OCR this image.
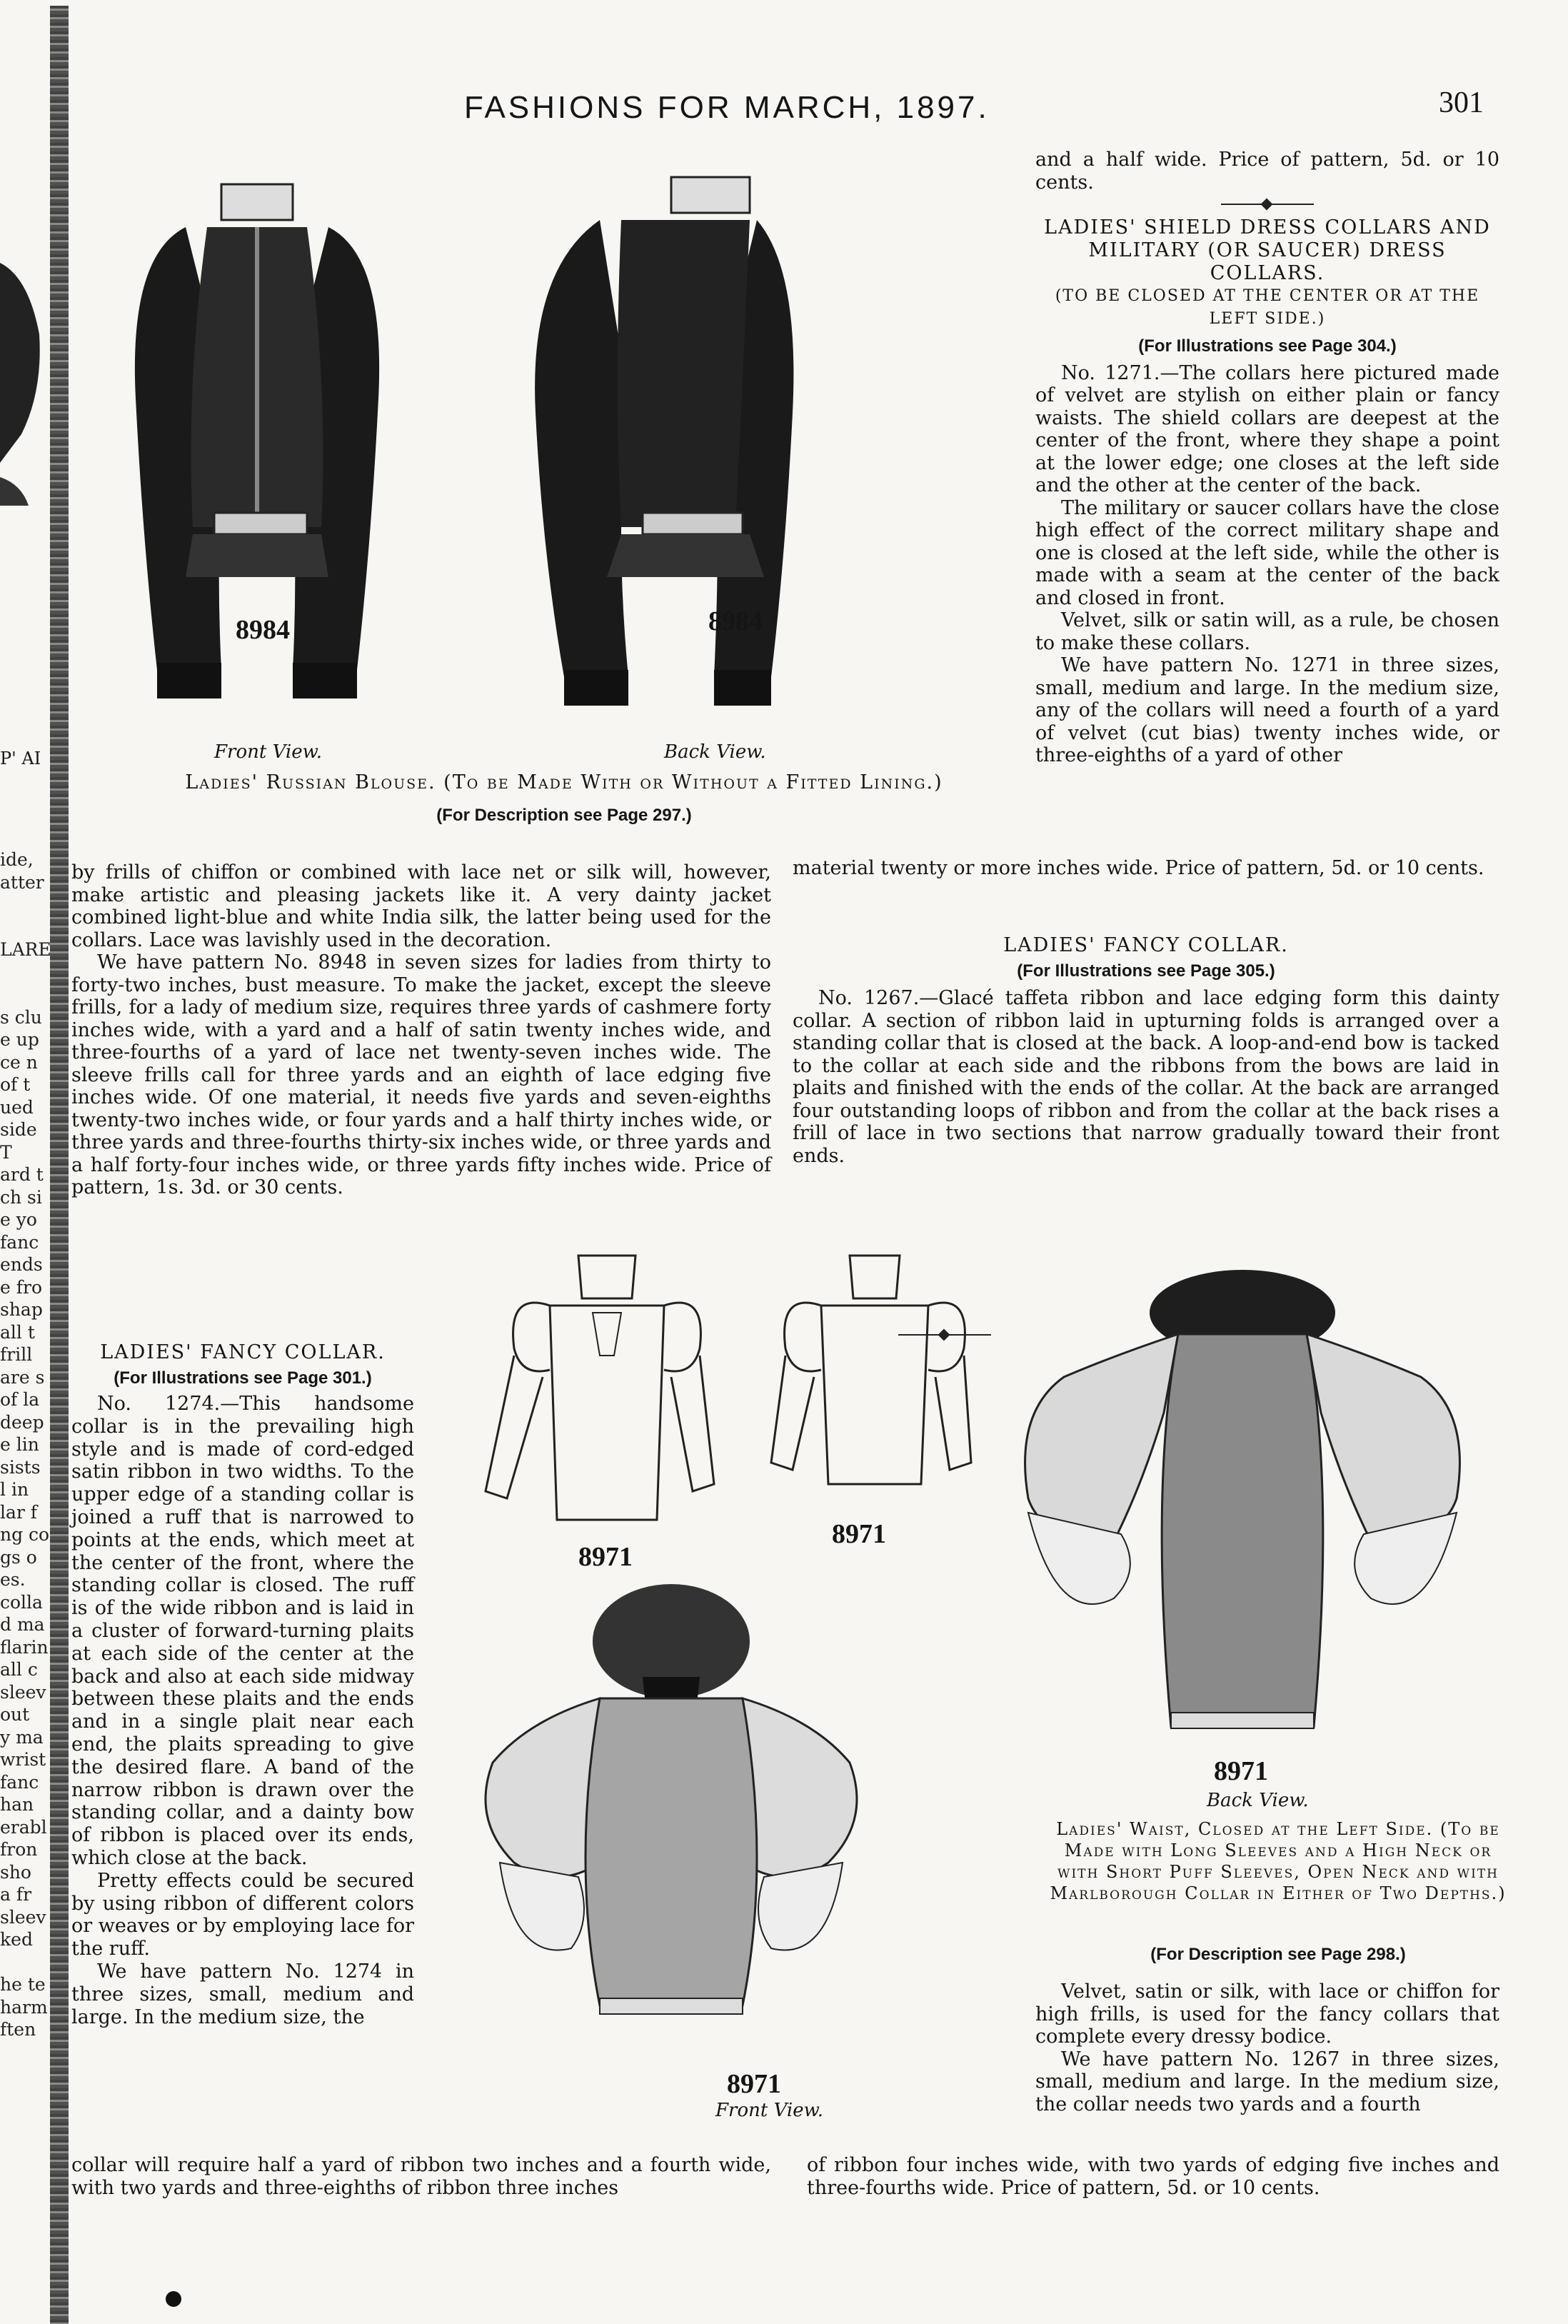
ide,
atter

LARE

s clu
e up
ce n
of t
ued
side
T
ard t
ch si
e yo
fanc
ends
e fro
shap
all t
frill
are s
of la
deep
e lin
sists
l in
lar f
ng co
gs o
es.
colla
d ma
flarin
all c
sleev
out
y ma
wrist
fanc
han
erabl
fron
sho
a fr
sleev
ked

he te
harm
ften
P' AI
FASHIONS FOR MARCH, 1897.	301
8984	8984
Front View.	Back View.
Ladies' Russian Blouse. (To be Made With or Without a Fitted Lining.)
(For Description see Page 297.)

and a half wide. Price of pattern, 5d. or 10 cents.

LADIES' SHIELD DRESS COLLARS AND MILITARY (OR SAUCER) DRESS COLLARS.
(TO BE CLOSED AT THE CENTER OR AT THE LEFT SIDE.)
(For Illustrations see Page 304.)

No. 1271.—The collars here pictured made of velvet are stylish on either plain or fancy waists. The shield collars are deepest at the center of the front, where they shape a point at the lower edge; one closes at the left side and the other at the center of the back.

The military or saucer collars have the close high effect of the correct military shape and one is closed at the left side, while the other is made with a seam at the center of the back and closed in front.

Velvet, silk or satin will, as a rule, be chosen to make these collars.

We have pattern No. 1271 in three sizes, small, medium and large. In the medium size, any of the collars will need a fourth of a yard of velvet (cut bias) twenty inches wide, or three-eighths of a yard of other

material twenty or more inches wide. Price of pattern, 5d. or 10 cents.

by frills of chiffon or combined with lace net or silk will, however, make artistic and pleasing jackets like it. A very dainty jacket combined light-blue and white India silk, the latter being used for the collars. Lace was lavishly used in the decoration.

We have pattern No. 8948 in seven sizes for ladies from thirty to forty-two inches, bust measure. To make the jacket, except the sleeve frills, for a lady of medium size, requires three yards of cashmere forty inches wide, with a yard and a half of satin twenty inches wide, and three-fourths of a yard of lace net twenty-seven inches wide. The sleeve frills call for three yards and an eighth of lace edging five inches wide. Of one material, it needs five yards and seven-eighths twenty-two inches wide, or four yards and a half thirty inches wide, or three yards and three-fourths thirty-six inches wide, or three yards and a half forty-four inches wide, or three yards fifty inches wide. Price of pattern, 1s. 3d. or 30 cents.

LADIES' FANCY COLLAR.
(For Illustrations see Page 305.)

No. 1267.—Glacé taffeta ribbon and lace edging form this dainty collar. A section of ribbon laid in upturning folds is arranged over a standing collar that is closed at the back. A loop-and-end bow is tacked to the collar at each side and the ribbons from the bows are laid in plaits and finished with the ends of the collar. At the back are arranged four outstanding loops of ribbon and from the collar at the back rises a frill of lace in two sections that narrow gradually toward their front ends.

LADIES' FANCY COLLAR.
(For Illustrations see Page 301.)

No. 1274.—This handsome collar is in the prevailing high style and is made of cord-edged satin ribbon in two widths. To the upper edge of a standing collar is joined a ruff that is narrowed to points at the ends, which meet at the center of the front, where the standing collar is closed. The ruff is of the wide ribbon and is laid in a cluster of forward-turning plaits at each side of the center at the back and also at each side midway between these plaits and the ends and in a single plait near each end, the plaits spreading to give the desired flare. A band of the narrow ribbon is drawn over the standing collar, and a dainty bow of ribbon is placed over its ends, which close at the back.

Pretty effects could be secured by using ribbon of different colors or weaves or by employing lace for the ruff.

We have pattern No. 1274 in three sizes, small, medium and large. In the medium size, the

collar will require half a yard of ribbon two inches and a fourth wide, with two yards and three-eighths of ribbon three inches
8971
8971
8971
Back View.
Ladies' Waist, Closed at the Left Side. (To be Made with Long Sleeves and a High Neck or with Short Puff Sleeves, Open Neck and with Marlborough Collar in Either of Two Depths.)
(For Description see Page 298.)
8971
Front View.

Velvet, satin or silk, with lace or chiffon for high frills, is used for the fancy collars that complete every dressy bodice.

We have pattern No. 1267 in three sizes, small, medium and large. In the medium size, the collar needs two yards and a fourth

of ribbon four inches wide, with two yards of edging five inches and three-fourths wide. Price of pattern, 5d. or 10 cents.
